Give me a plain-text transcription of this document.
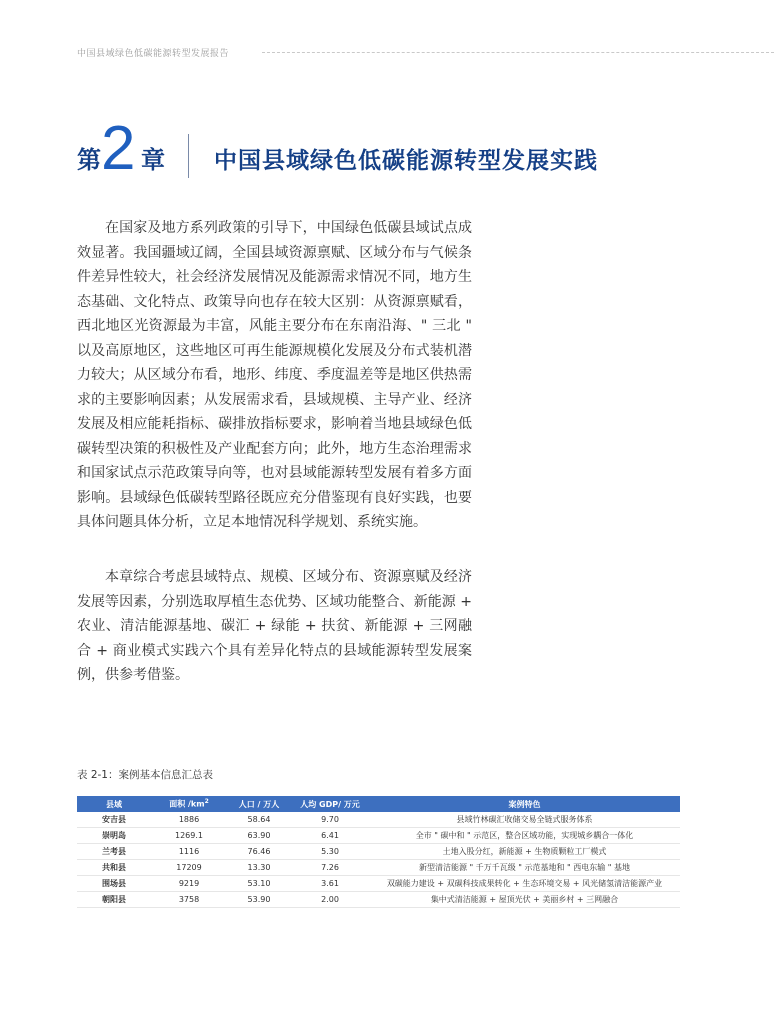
中国县域绿色低碳能源转型发展报告
第 2 章 中国县域绿色低碳能源转型发展实践

在国家及地方系列政策的引导下，中国绿色低碳县域试点成效显著。我国疆域辽阔，全国县域资源禀赋、区域分布与气候条件差异性较大，社会经济发展情况及能源需求情况不同，地方生态基础、文化特点、政策导向也存在较大区别：从资源禀赋看，西北地区光资源最为丰富，风能主要分布在东南沿海、" 三北 " 以及高原地区，这些地区可再生能源规模化发展及分布式装机潜力较大；从区域分布看，地形、纬度、季度温差等是地区供热需求的主要影响因素；从发展需求看，县域规模、主导产业、经济发展及相应能耗指标、碳排放指标要求，影响着当地县域绿色低碳转型决策的积极性及产业配套方向；此外，地方生态治理需求和国家试点示范政策导向等，也对县域能源转型发展有着多方面影响。县域绿色低碳转型路径既应充分借鉴现有良好实践，也要具体问题具体分析，立足本地情况科学规划、系统实施。

本章综合考虑县域特点、规模、区域分布、资源禀赋及经济发展等因素，分别选取厚植生态优势、区域功能整合、新能源 + 农业、清洁能源基地、碳汇 + 绿能 + 扶贫、新能源 + 三网融合 + 商业模式实践六个具有差异化特点的县域能源转型发展案例，供参考借鉴。

表 2-1：案例基本信息汇总表
县域	面积 $/km^2$	人口 / 万人	人均 GDP/ 万元	案例特色
安吉县	1886	58.64	9.70	县域竹林碳汇收储交易全链式服务体系
崇明岛	1269.1	63.90	6.41	全市 " 碳中和 " 示范区，整合区域功能，实现城乡耦合一体化
兰考县	1116	76.46	5.30	土地入股分红，新能源 + 生物质颗粒工厂模式
共和县	17209	13.30	7.26	新型清洁能源 " 千万千瓦级 " 示范基地和 " 西电东输 " 基地
围场县	9219	53.10	3.61	双碳能力建设 + 双碳科技成果转化 + 生态环境交易 + 风光储氢清洁能源产业
朝阳县	3758	53.90	2.00	集中式清洁能源 + 屋顶光伏 + 美丽乡村 + 三网融合
